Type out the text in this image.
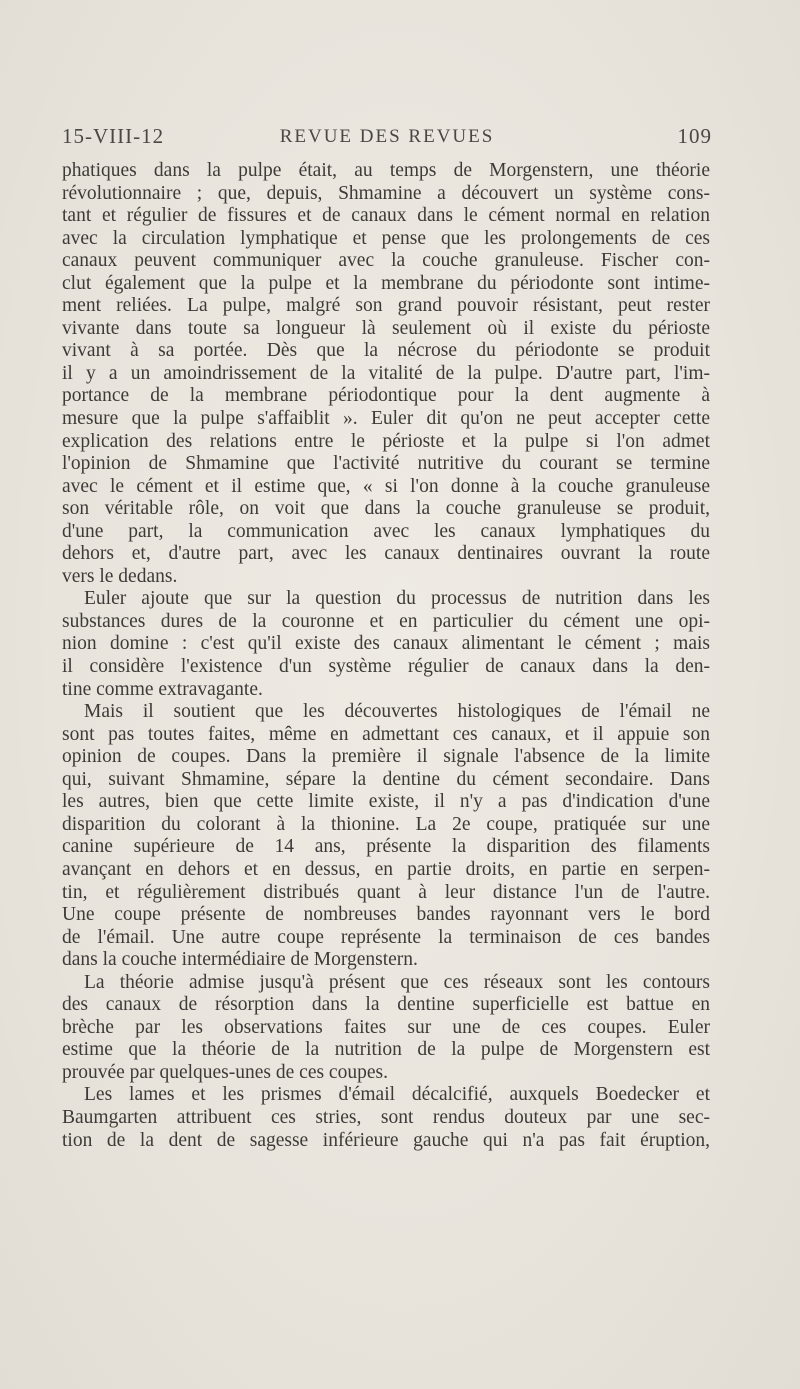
15-VIII-12	REVUE DES REVUES	109
phatiques dans la pulpe était, au temps de Morgenstern, une théorie
révolutionnaire ; que, depuis, Shmamine a découvert un système cons-
tant et régulier de fissures et de canaux dans le cément normal en relation
avec la circulation lymphatique et pense que les prolongements de ces
canaux peuvent communiquer avec la couche granuleuse. Fischer con-
clut également que la pulpe et la membrane du périodonte sont intime-
ment reliées. La pulpe, malgré son grand pouvoir résistant, peut rester
vivante dans toute sa longueur là seulement où il existe du périoste
vivant à sa portée. Dès que la nécrose du périodonte se produit
il y a un amoindrissement de la vitalité de la pulpe. D'autre part, l'im-
portance de la membrane périodontique pour la dent augmente à
mesure que la pulpe s'affaiblit ». Euler dit qu'on ne peut accepter cette
explication des relations entre le périoste et la pulpe si l'on admet
l'opinion de Shmamine que l'activité nutritive du courant se termine
avec le cément et il estime que, « si l'on donne à la couche granuleuse
son véritable rôle, on voit que dans la couche granuleuse se produit,
d'une part, la communication avec les canaux lymphatiques du
dehors et, d'autre part, avec les canaux dentinaires ouvrant la route
vers le dedans.
Euler ajoute que sur la question du processus de nutrition dans les
substances dures de la couronne et en particulier du cément une opi-
nion domine : c'est qu'il existe des canaux alimentant le cément ; mais
il considère l'existence d'un système régulier de canaux dans la den-
tine comme extravagante.
Mais il soutient que les découvertes histologiques de l'émail ne
sont pas toutes faites, même en admettant ces canaux, et il appuie son
opinion de coupes. Dans la première il signale l'absence de la limite
qui, suivant Shmamine, sépare la dentine du cément secondaire. Dans
les autres, bien que cette limite existe, il n'y a pas d'indication d'une
disparition du colorant à la thionine. La 2e coupe, pratiquée sur une
canine supérieure de 14 ans, présente la disparition des filaments
avançant en dehors et en dessus, en partie droits, en partie en serpen-
tin, et régulièrement distribués quant à leur distance l'un de l'autre.
Une coupe présente de nombreuses bandes rayonnant vers le bord
de l'émail. Une autre coupe représente la terminaison de ces bandes
dans la couche intermédiaire de Morgenstern.
La théorie admise jusqu'à présent que ces réseaux sont les contours
des canaux de résorption dans la dentine superficielle est battue en
brèche par les observations faites sur une de ces coupes. Euler
estime que la théorie de la nutrition de la pulpe de Morgenstern est
prouvée par quelques-unes de ces coupes.
Les lames et les prismes d'émail décalcifié, auxquels Boedecker et
Baumgarten attribuent ces stries, sont rendus douteux par une sec-
tion de la dent de sagesse inférieure gauche qui n'a pas fait éruption,
